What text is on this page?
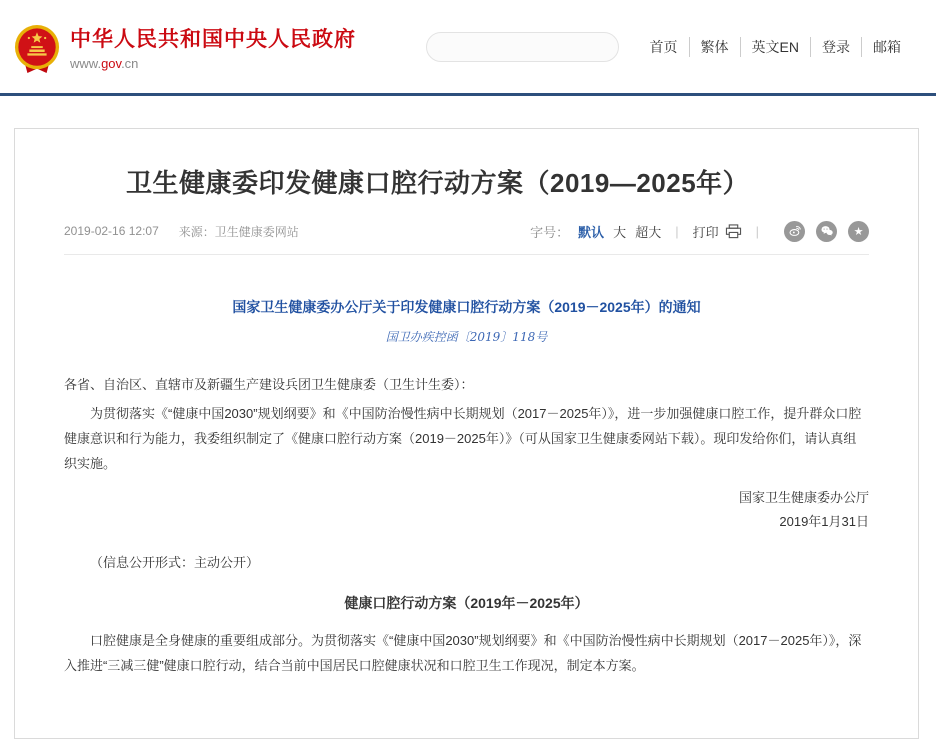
中华人民共和国中央人民政府
www.gov.cn
首页	繁体	英文EN	登录	邮箱
卫生健康委印发健康口腔行动方案（2019—2025年）
2019-02-16 12:07 来源： 卫生健康委网站	字号： 默认 大 超大 | 打印	|	★
国家卫生健康委办公厅关于印发健康口腔行动方案（2019－2025年）的通知
国卫办疾控函〔2019〕118号

各省、自治区、直辖市及新疆生产建设兵团卫生健康委（卫生计生委）：

为贯彻落实《“健康中国2030”规划纲要》和《中国防治慢性病中长期规划（2017－2025年）》，进一步加强健康口腔工作，提升群众口腔健康意识和行为能力，我委组织制定了《健康口腔行动方案（2019－2025年）》（可从国家卫生健康委网站下载）。现印发给你们，请认真组织实施。

国家卫生健康委办公厅
2019年1月31日

（信息公开形式：主动公开）

健康口腔行动方案（2019年－2025年）

口腔健康是全身健康的重要组成部分。为贯彻落实《“健康中国2030”规划纲要》和《中国防治慢性病中长期规划（2017－2025年）》，深入推进“三减三健”健康口腔行动，结合当前中国居民口腔健康状况和口腔卫生工作现况，制定本方案。
